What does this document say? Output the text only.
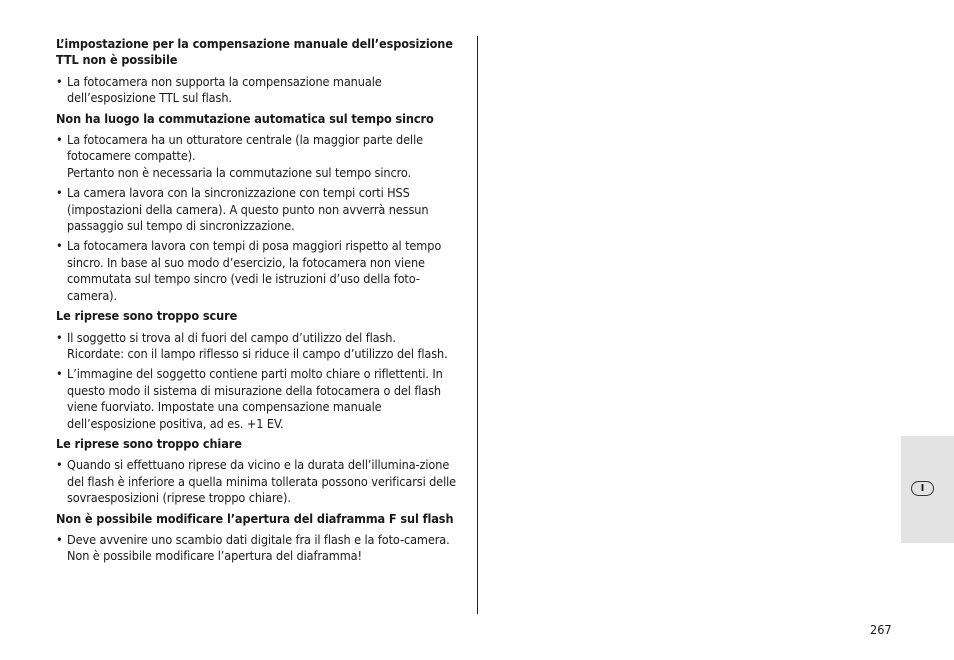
L’impostazione per la compensazione manuale dell’esposizione TTL non è possibile
• La fotocamera non supporta la compensazione manuale dell’esposizione TTL sul flash.
Non ha luogo la commutazione automatica sul tempo sincro
• La fotocamera ha un otturatore centrale (la maggior parte delle fotocamere compatte).
Pertanto non è necessaria la commutazione sul tempo sincro.
• La camera lavora con la sincronizzazione con tempi corti HSS (impostazioni della camera). A questo punto non avverrà nessun passaggio sul tempo di sincronizzazione.
• La fotocamera lavora con tempi di posa maggiori rispetto al tempo sincro. In base al suo modo d’esercizio, la fotocamera non viene commutata sul tempo sincro (vedi le istruzioni d’uso della foto-camera).
Le riprese sono troppo scure
• Il soggetto si trova al di fuori del campo d’utilizzo del flash.
Ricordate: con il lampo riflesso si riduce il campo d’utilizzo del flash.
• L’immagine del soggetto contiene parti molto chiare o riflettenti. In questo modo il sistema di misurazione della fotocamera o del flash viene fuorviato. Impostate una compensazione manuale dell’esposizione positiva, ad es. +1 EV.
Le riprese sono troppo chiare
• Quando si effettuano riprese da vicino e la durata dell’illumina-zione del flash è inferiore a quella minima tollerata possono verificarsi delle sovraesposizioni (riprese troppo chiare).
Non è possibile modificare l’apertura del diaframma F sul flash
• Deve avvenire uno scambio dati digitale fra il flash e la foto-camera. Non è possibile modificare l’apertura del diaframma!
I
267
